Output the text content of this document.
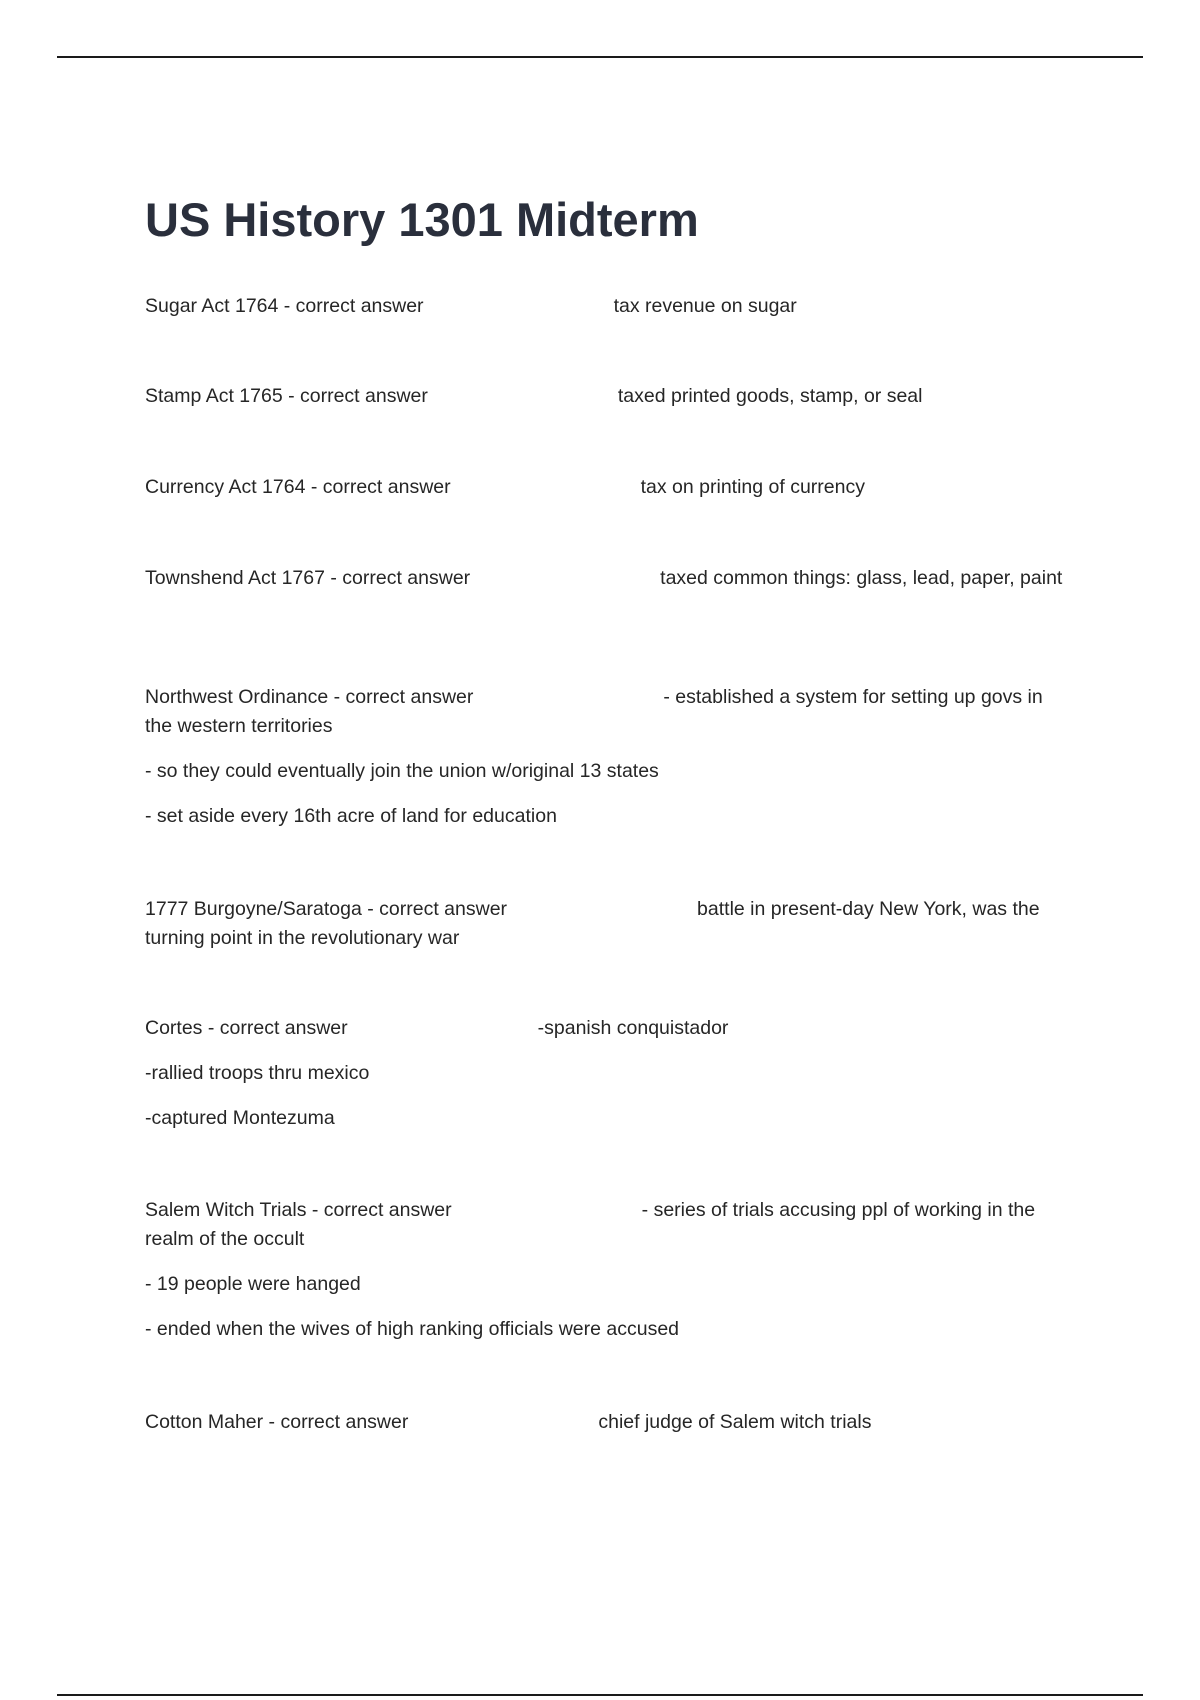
US History 1301 Midterm

Sugar Act 1764 - correct answer	tax revenue on sugar

Stamp Act 1765 - correct answer	taxed printed goods, stamp, or seal

Currency Act 1764 - correct answer	tax on printing of currency

Townshend Act 1767 - correct answer	taxed common things: glass, lead, paper, paint

Northwest Ordinance - correct answer	- established a system for setting up govs in the western territories

- so they could eventually join the union w/original 13 states

- set aside every 16th acre of land for education

1777 Burgoyne/Saratoga - correct answer	battle in present-day New York, was the turning point in the revolutionary war

Cortes - correct answer	-spanish conquistador

-rallied troops thru mexico

-captured Montezuma

Salem Witch Trials - correct answer	- series of trials accusing ppl of working in the realm of the occult

- 19 people were hanged

- ended when the wives of high ranking officials were accused

Cotton Maher - correct answer	chief judge of Salem witch trials
